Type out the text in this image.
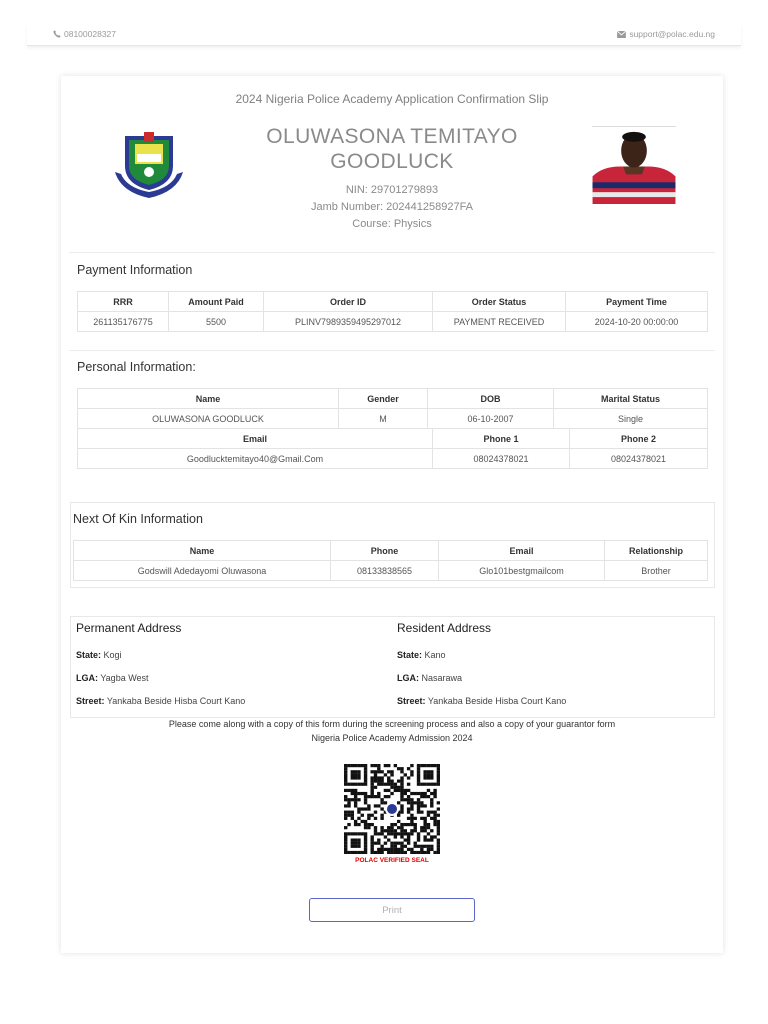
08100028327	support@polac.edu.ng
2024 Nigeria Police Academy Application Confirmation Slip
OLUWASONA TEMITAYO GOODLUCK
NIN: 29701279893
Jamb Number: 202441258927FA
Course: Physics
Payment Information
RRR	Amount Paid	Order ID	Order Status	Payment Time
261135176775	5500	PLINV7989359495297012	PAYMENT RECEIVED	2024-10-20 00:00:00
Personal Information:
Name	Gender	DOB	Marital Status
OLUWASONA GOODLUCK	M	06-10-2007	Single
Email	Phone 1	Phone 2
Goodlucktemitayo40@Gmail.Com	08024378021	08024378021
Next Of Kin Information
Name	Phone	Email	Relationship
Godswill Adedayomi Oluwasona	08133838565	Glo101bestgmailcom	Brother
Permanent Address
State: Kogi
LGA: Yagba West
Street: Yankaba Beside Hisba Court Kano
Resident Address
State: Kano
LGA: Nasarawa
Street: Yankaba Beside Hisba Court Kano
Please come along with a copy of this form during the screening process and also a copy of your guarantor form
Nigeria Police Academy Admission 2024
POLAC VERIFIED SEAL
Print
